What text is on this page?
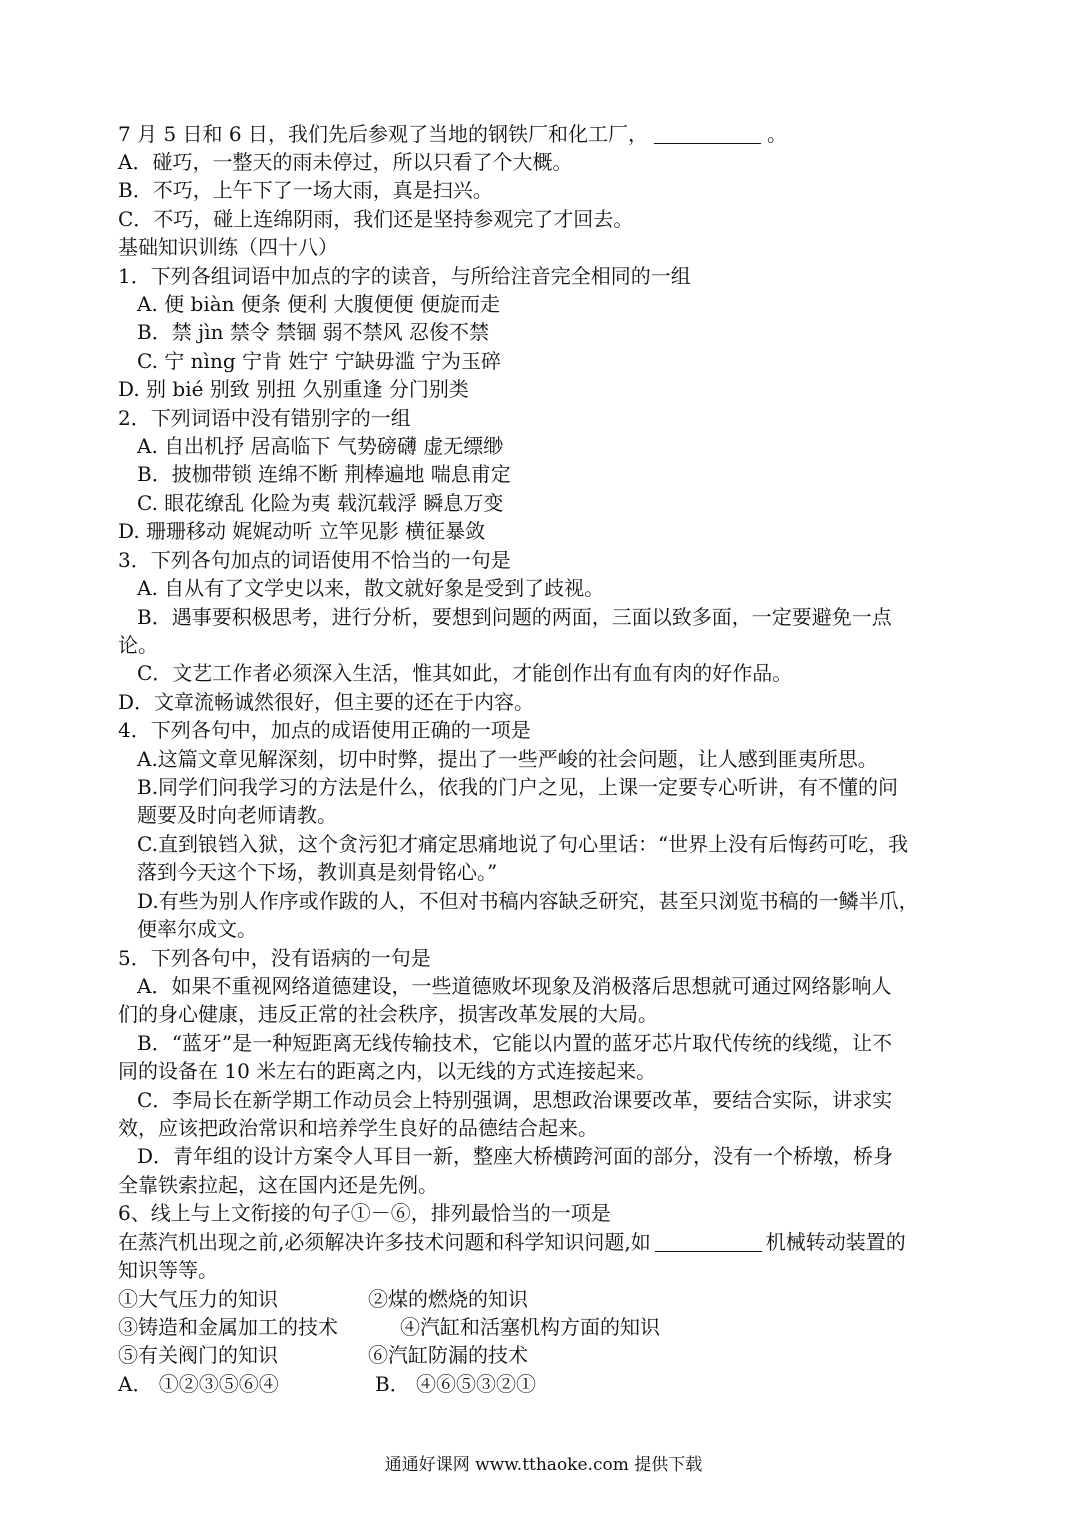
7 月 5 日和 6 日，我们先后参观了当地的钢铁厂和化工厂，	。
A．碰巧，一整天的雨未停过，所以只看了个大概。
B．不巧，上午下了一场大雨，真是扫兴。
C．不巧，碰上连绵阴雨，我们还是坚持参观完了才回去。
基础知识训练（四十八）
1．下列各组词语中加点的字的读音，与所给注音完全相同的一组
A. 便 biàn 便条 便利 大腹便便 便旋而走
B．禁 jìn 禁令 禁锢 弱不禁风 忍俊不禁
C. 宁 nìng 宁肯 姓宁 宁缺毋滥 宁为玉碎
D. 别 bié 别致 别扭 久别重逢 分门别类
2．下列词语中没有错别字的一组
A. 自出机抒 居高临下 气势磅礴 虚无缥缈
B．披枷带锁 连绵不断 荆棒遍地 喘息甫定
C. 眼花缭乱 化险为夷 载沉载浮 瞬息万变
D. 珊珊移动 娓娓动听 立竿见影 横征暴敛
3．下列各句加点的词语使用不恰当的一句是
A. 自从有了文学史以来，散文就好象是受到了歧视。
B．遇事要积极思考，进行分析，要想到问题的两面，三面以致多面，一定要避免一点
论。
C．文艺工作者必须深入生活，惟其如此，才能创作出有血有肉的好作品。
D．文章流畅诚然很好，但主要的还在于内容。
4．下列各句中，加点的成语使用正确的一项是
A.这篇文章见解深刻，切中时弊，提出了一些严峻的社会问题，让人感到匪夷所思。
B.同学们问我学习的方法是什么，依我的门户之见，上课一定要专心听讲，有不懂的问
题要及时向老师请教。
C.直到锒铛入狱，这个贪污犯才痛定思痛地说了句心里话：“世界上没有后悔药可吃，我
落到今天这个下场，教训真是刻骨铭心。”
D.有些为别人作序或作跋的人，不但对书稿内容缺乏研究，甚至只浏览书稿的一鳞半爪，
便率尔成文。
5．下列各句中，没有语病的一句是
A．如果不重视网络道德建设，一些道德败坏现象及消极落后思想就可通过网络影响人
们的身心健康，违反正常的社会秩序，损害改革发展的大局。
B．“蓝牙”是一种短距离无线传输技术，它能以内置的蓝牙芯片取代传统的线缆，让不
同的设备在 10 米左右的距离之内，以无线的方式连接起来。
C．李局长在新学期工作动员会上特别强调，思想政治课要改革，要结合实际，讲求实
效，应该把政治常识和培养学生良好的品德结合起来。
D．青年组的设计方案令人耳目一新，整座大桥横跨河面的部分，没有一个桥墩，桥身
全靠铁索拉起，这在国内还是先例。
6、线上与上文衔接的句子①－⑥，排列最恰当的一项是
在蒸汽机出现之前,必须解决许多技术问题和科学知识问题,如	机械转动装置的
知识等等。
①大气压力的知识	②煤的燃烧的知识
③铸造和金属加工的技术	④汽缸和活塞机构方面的知识
⑤有关阀门的知识	⑥汽缸防漏的技术
A． ①②③⑤⑥④	B． ④⑥⑤③②①
通通好课网 www.tthaoke.com 提供下载
